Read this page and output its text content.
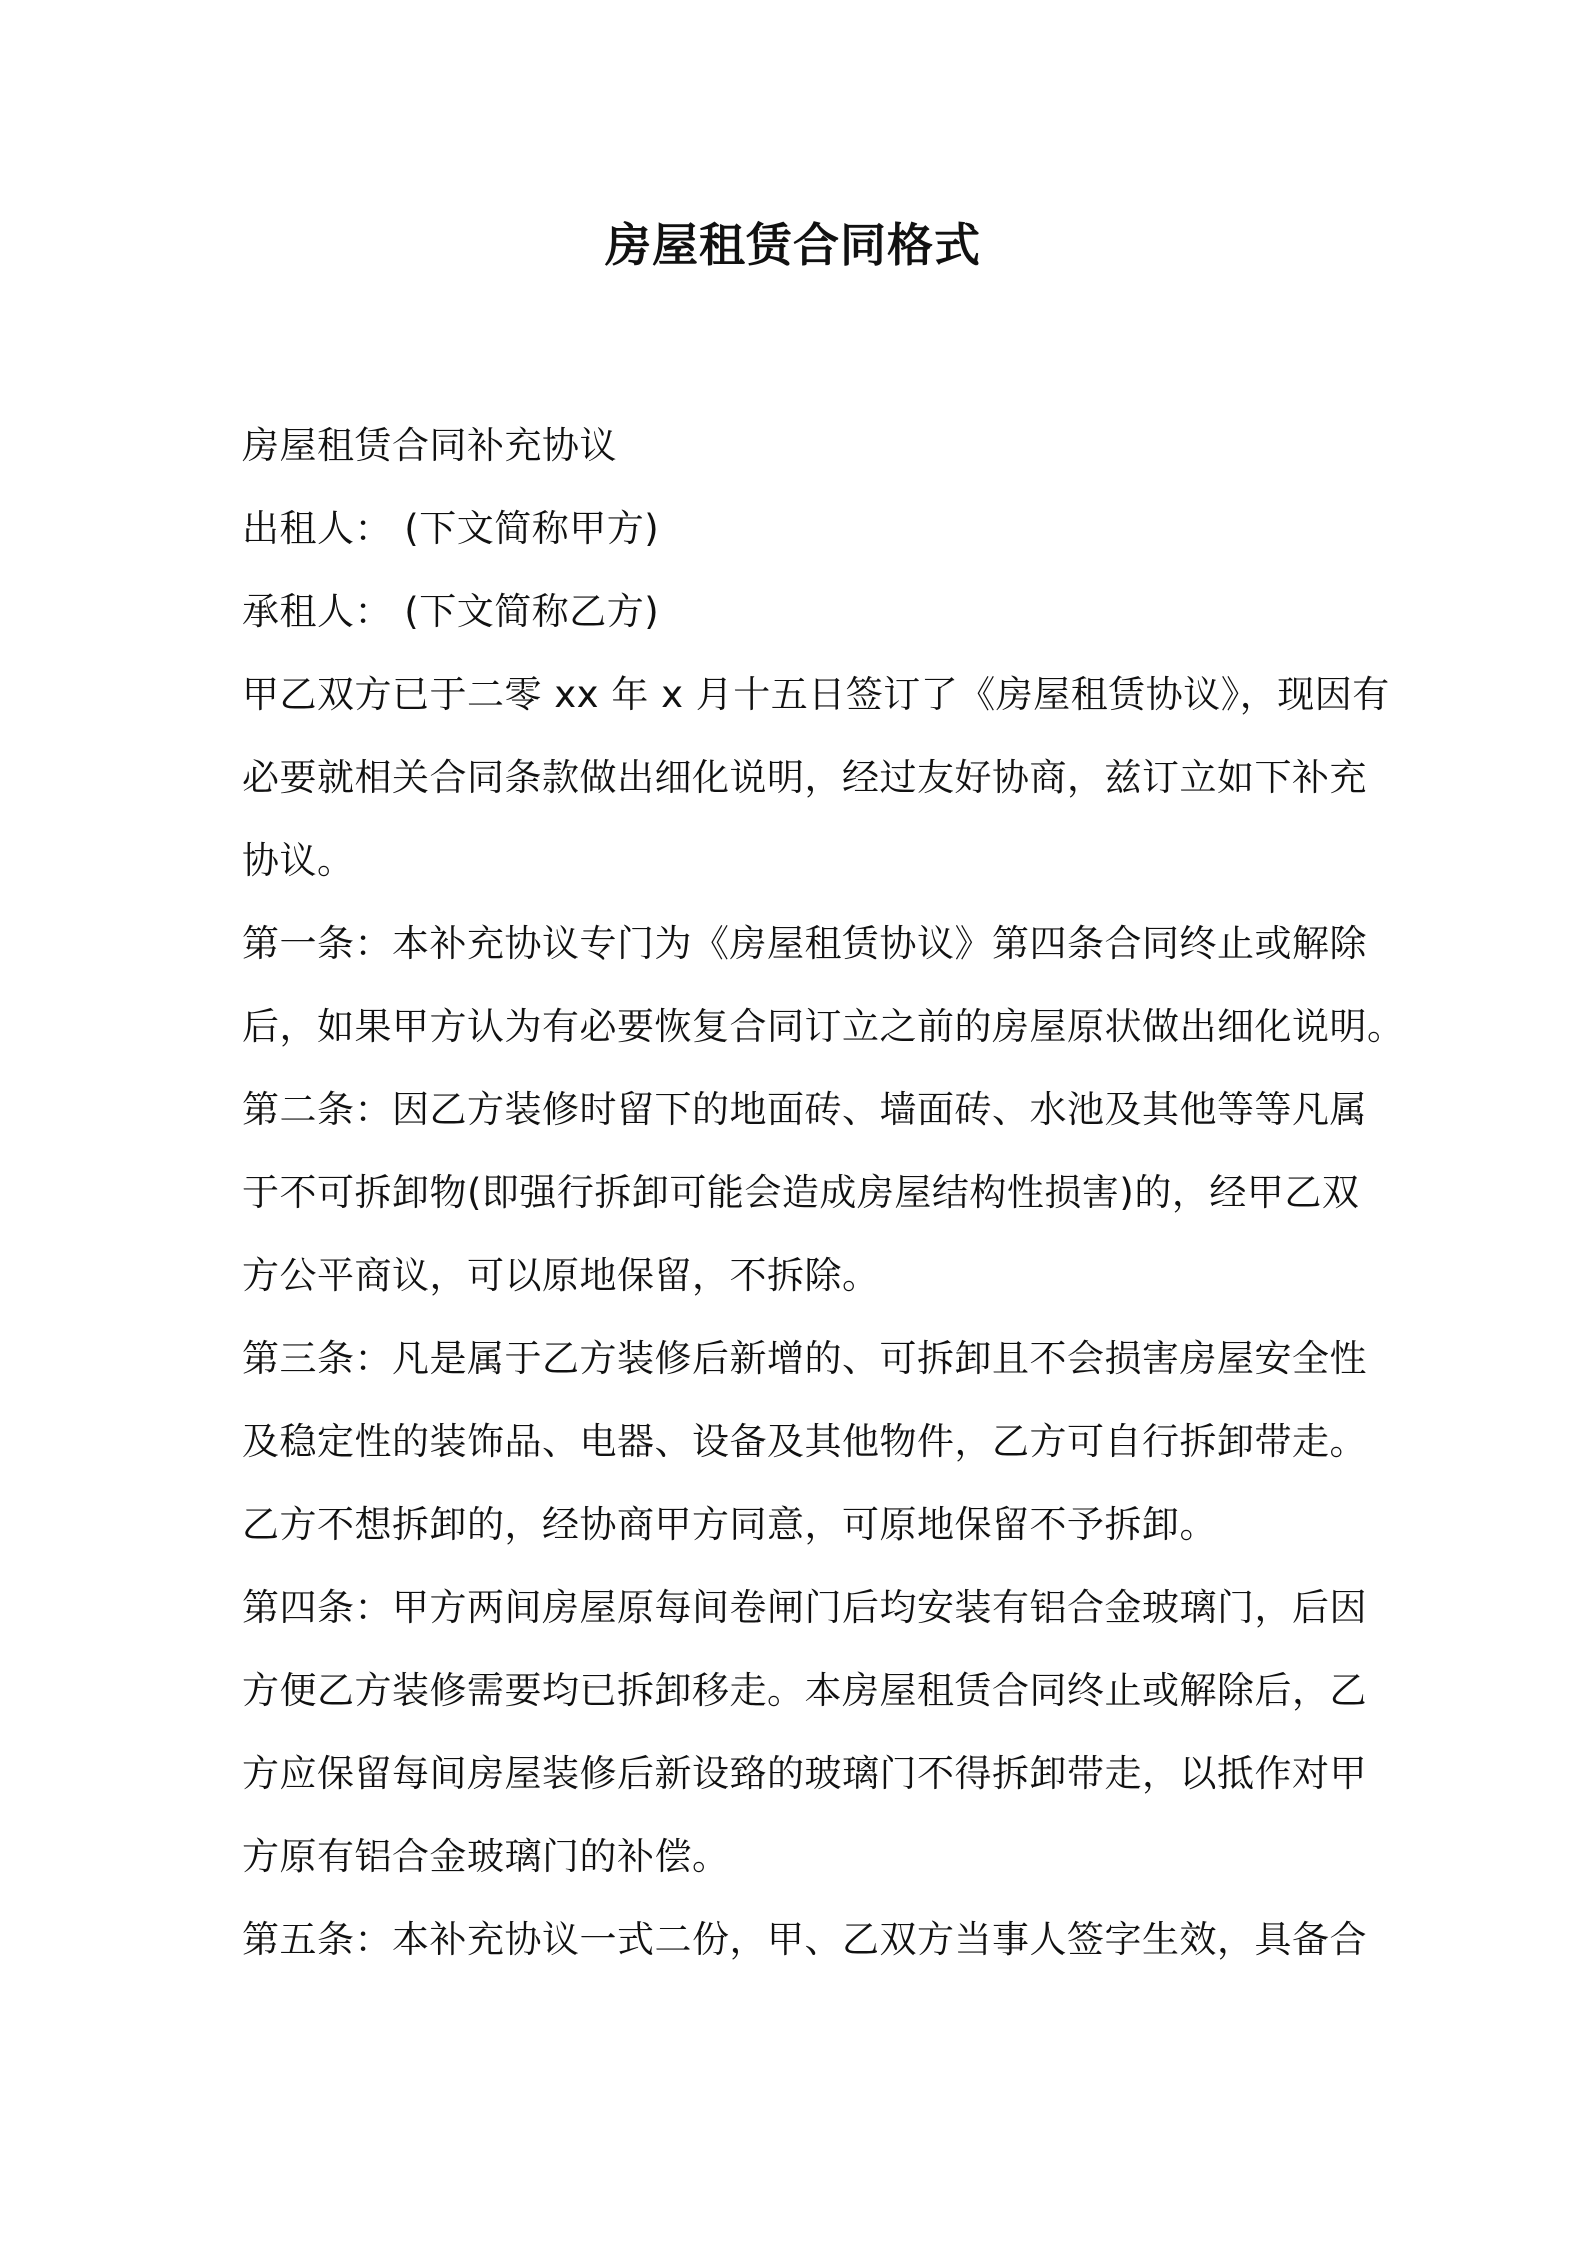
房屋租赁合同格式
房屋租赁合同补充协议
出租人： (下文简称甲方)
承租人： (下文简称乙方)
甲乙双方已于二零 xx 年 x 月十五日签订了《房屋租赁协议》，现因有
必要就相关合同条款做出细化说明，经过友好协商，兹订立如下补充
协议。
第一条：本补充协议专门为《房屋租赁协议》第四条合同终止或解除
后，如果甲方认为有必要恢复合同订立之前的房屋原状做出细化说明。
第二条：因乙方装修时留下的地面砖、墙面砖、水池及其他等等凡属
于不可拆卸物(即强行拆卸可能会造成房屋结构性损害)的，经甲乙双
方公平商议，可以原地保留，不拆除。
第三条：凡是属于乙方装修后新增的、可拆卸且不会损害房屋安全性
及稳定性的装饰品、电器、设备及其他物件，乙方可自行拆卸带走。
乙方不想拆卸的，经协商甲方同意，可原地保留不予拆卸。
第四条：甲方两间房屋原每间卷闸门后均安装有铝合金玻璃门，后因
方便乙方装修需要均已拆卸移走。本房屋租赁合同终止或解除后，乙
方应保留每间房屋装修后新设臵的玻璃门不得拆卸带走，以抵作对甲
方原有铝合金玻璃门的补偿。
第五条：本补充协议一式二份，甲、乙双方当事人签字生效，具备合
